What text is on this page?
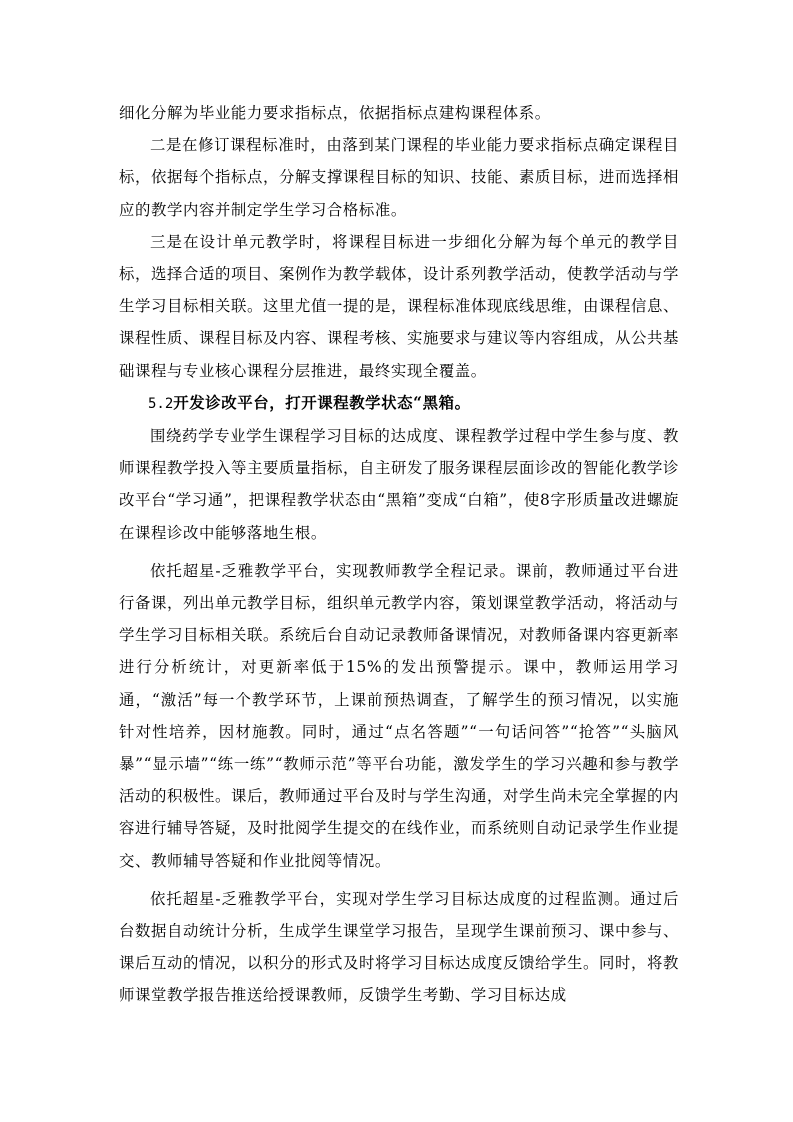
细化分解为毕业能力要求指标点，依据指标点建构课程体系。

二是在修订课程标准时，由落到某门课程的毕业能力要求指标点确定课程目标，依据每个指标点，分解支撑课程目标的知识、技能、素质目标，进而选择相应的教学内容并制定学生学习合格标准。

三是在设计单元教学时，将课程目标进一步细化分解为每个单元的教学目标，选择合适的项目、案例作为教学载体，设计系列教学活动，使教学活动与学生学习目标相关联。这里尤值一提的是，课程标准体现底线思维，由课程信息、课程性质、课程目标及内容、课程考核、实施要求与建议等内容组成，从公共基础课程与专业核心课程分层推进，最终实现全覆盖。

5.2开发诊改平台，打开课程教学状态“黑箱。

围绕药学专业学生课程学习目标的达成度、课程教学过程中学生参与度、教师课程教学投入等主要质量指标，自主研发了服务课程层面诊改的智能化教学诊改平台“学习通”，把课程教学状态由“黑箱”变成“白箱”，使8字形质量改进螺旋在课程诊改中能够落地生根。

依托超星-乏雅教学平台，实现教师教学全程记录。课前，教师通过平台进行备课，列出单元教学目标，组织单元教学内容，策划课堂教学活动，将活动与学生学习目标相关联。系统后台自动记录教师备课情况，对教师备课内容更新率进行分析统计，对更新率低于15%的发出预警提示。课中，教师运用学习通，“激活”每一个教学环节，上课前预热调查，了解学生的预习情况，以实施针对性培养，因材施教。同时，通过“点名答题”“一句话问答”“抢答”“头脑风暴”“显示墙”“练一练”“教师示范”等平台功能，激发学生的学习兴趣和参与教学活动的积极性。课后，教师通过平台及时与学生沟通，对学生尚未完全掌握的内容进行辅导答疑，及时批阅学生提交的在线作业，而系统则自动记录学生作业提交、教师辅导答疑和作业批阅等情况。

依托超星-乏雅教学平台，实现对学生学习目标达成度的过程监测。通过后台数据自动统计分析，生成学生课堂学习报告，呈现学生课前预习、课中参与、课后互动的情况，以积分的形式及时将学习目标达成度反馈给学生。同时，将教师课堂教学报告推送给授课教师，反馈学生考勤、学习目标达成
